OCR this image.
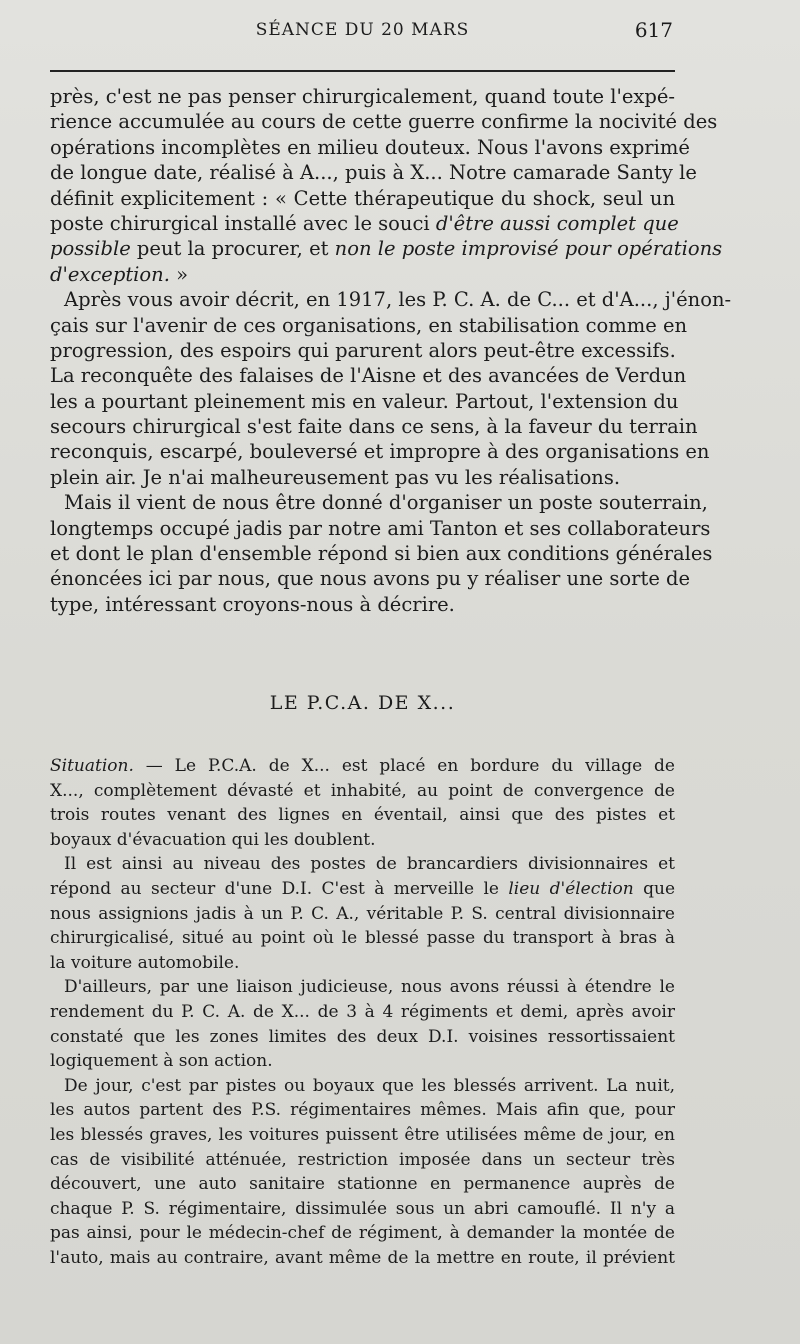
SÉANCE DU 20 MARS	617
près, c'est ne pas penser chirurgicalement, quand toute l'expé-
rience accumulée au cours de cette guerre confirme la nocivité des
opérations incomplètes en milieu douteux. Nous l'avons exprimé
de longue date, réalisé à A..., puis à X... Notre camarade Santy le
définit explicitement : « Cette thérapeutique du shock, seul un
poste chirurgical installé avec le souci d'être aussi complet que
possible peut la procurer, et non le poste improvisé pour opérations
d'exception. »
Après vous avoir décrit, en 1917, les P. C. A. de C... et d'A..., j'énon-
çais sur l'avenir de ces organisations, en stabilisation comme en
progression, des espoirs qui parurent alors peut-être excessifs.
La reconquête des falaises de l'Aisne et des avancées de Verdun
les a pourtant pleinement mis en valeur. Partout, l'extension du
secours chirurgical s'est faite dans ce sens, à la faveur du terrain
reconquis, escarpé, bouleversé et impropre à des organisations en
plein air. Je n'ai malheureusement pas vu les réalisations.
Mais il vient de nous être donné d'organiser un poste souterrain,
longtemps occupé jadis par notre ami Tanton et ses collaborateurs
et dont le plan d'ensemble répond si bien aux conditions générales
énoncées ici par nous, que nous avons pu y réaliser une sorte de
type, intéressant croyons-nous à décrire.
LE P.C.A. DE X...
Situation. — Le P.C.A. de X... est placé en bordure du village de
X..., complètement dévasté et inhabité, au point de convergence de
trois routes venant des lignes en éventail, ainsi que des pistes et
boyaux d'évacuation qui les doublent.
Il est ainsi au niveau des postes de brancardiers divisionnaires et
répond au secteur d'une D.I. C'est à merveille le lieu d'élection que
nous assignions jadis à un P. C. A., véritable P. S. central divisionnaire
chirurgicalisé, situé au point où le blessé passe du transport à bras à
la voiture automobile.
D'ailleurs, par une liaison judicieuse, nous avons réussi à étendre le
rendement du P. C. A. de X... de 3 à 4 régiments et demi, après avoir
constaté que les zones limites des deux D.I. voisines ressortissaient
logiquement à son action.
De jour, c'est par pistes ou boyaux que les blessés arrivent. La nuit,
les autos partent des P.S. régimentaires mêmes. Mais afin que, pour
les blessés graves, les voitures puissent être utilisées même de jour, en
cas de visibilité atténuée, restriction imposée dans un secteur très
découvert, une auto sanitaire stationne en permanence auprès de
chaque P. S. régimentaire, dissimulée sous un abri camouflé. Il n'y a
pas ainsi, pour le médecin-chef de régiment, à demander la montée de
l'auto, mais au contraire, avant même de la mettre en route, il prévient
